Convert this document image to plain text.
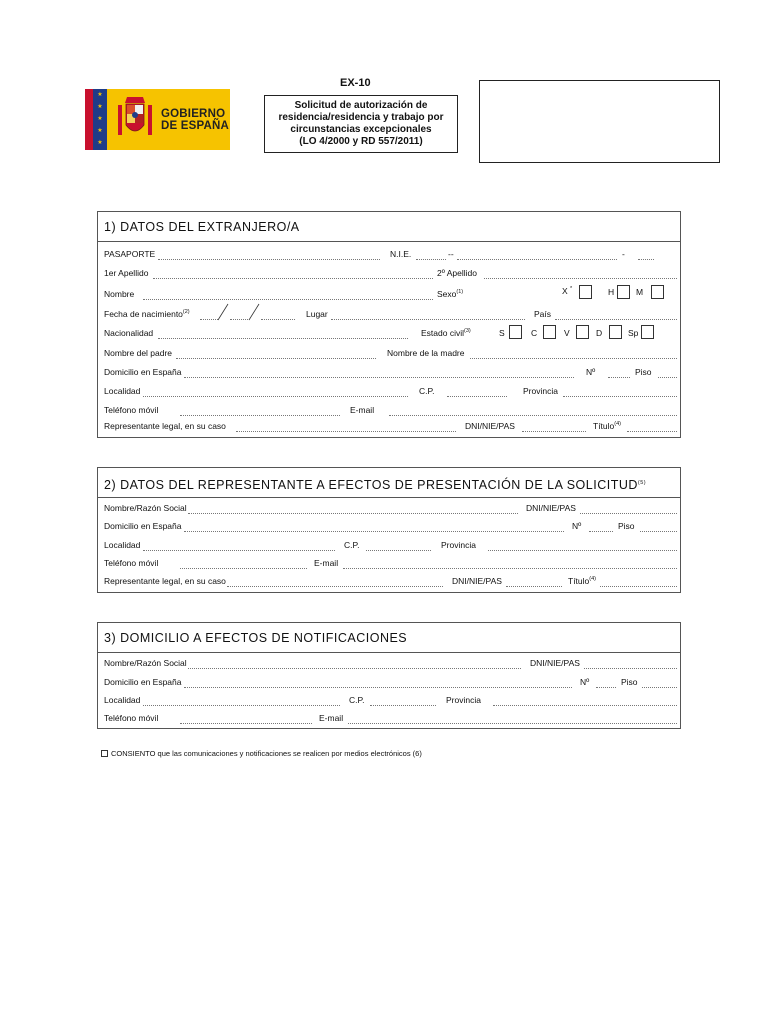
★
★
★
★
★
GOBIERNO
DE ESPAÑA
EX-10
Solicitud de autorización de
residencia/residencia y trabajo por
circunstancias excepcionales
(LO 4/2000 y RD 557/2011)
1) DATOS DEL EXTRANJERO/A
PASAPORTE	N.I.E.	--	-
1er Apellido	2º Apellido
Nombre	Sexo$^{(1)}$	X *	H	M
Fecha de nacimiento$^{(2)}$	Lugar	País
Nacionalidad	Estado civil$^{(3)}$	S	C	V	D	Sp
Nombre del padre	Nombre de la madre
Domicilio en España	Nº	Piso
Localidad	C.P.	Provincia
Teléfono móvil	E-mail
Representante legal, en su caso	DNI/NIE/PAS	Título$^{(4)}$
2) DATOS DEL REPRESENTANTE A EFECTOS DE PRESENTACIÓN DE LA SOLICITUD$^{(5)}$
Nombre/Razón Social	DNI/NIE/PAS
Domicilio en España	Nº	Piso
Localidad	C.P.	Provincia
Teléfono móvil	E-mail
Representante legal, en su caso	DNI/NIE/PAS	Título$^{(4)}$
3) DOMICILIO A EFECTOS DE NOTIFICACIONES
Nombre/Razón Social	DNI/NIE/PAS
Domicilio en España	Nº	Piso
Localidad	C.P.	Provincia
Teléfono móvil	E-mail
CONSIENTO que las comunicaciones y notificaciones se realicen por medios electrónicos (6)
